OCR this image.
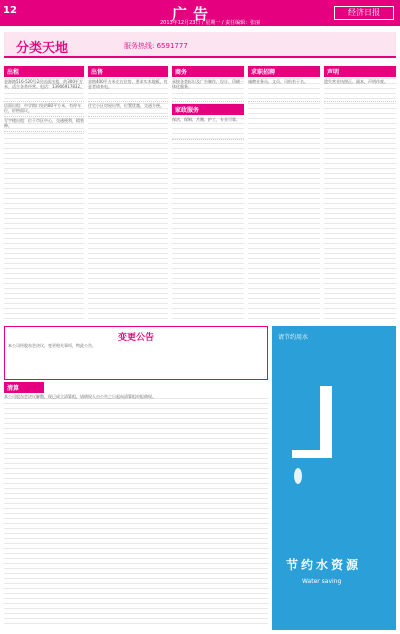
12	广告
2013年12月23日 / 星期一 / 责任编辑：张丽
经济日报
分类天地	服务热线: 6591777
出租
金源路516-520号2层店面出租，约300平方米，适合各类经营。电话：13906917832。
店面出租：中学路口处约80平方米，有停车位，价格面议。
写字楼出租：位于市区中心，交通便利，精装修。
出售
求购400平方米左右住房，要求实木地板，有意者请来电。
住宅小区房屋出售，位置优越，交通方便。
商务
承接各类标识及广告制作，设计、印刷一体化服务。
家政服务
保洁、保姆、月嫂、护工，专业可靠。
求职招聘
诚聘业务员、文员、司机若干名。
声明
遗失营业执照正、副本，声明作废。
变更公告

本公司经股东会决议，变更相关事项，特此公告。

清算
本公司股东会决议解散，现已成立清算组，请债权人自公告之日起向清算组申报债权。
请节约用水
节约水资源
Water saving
